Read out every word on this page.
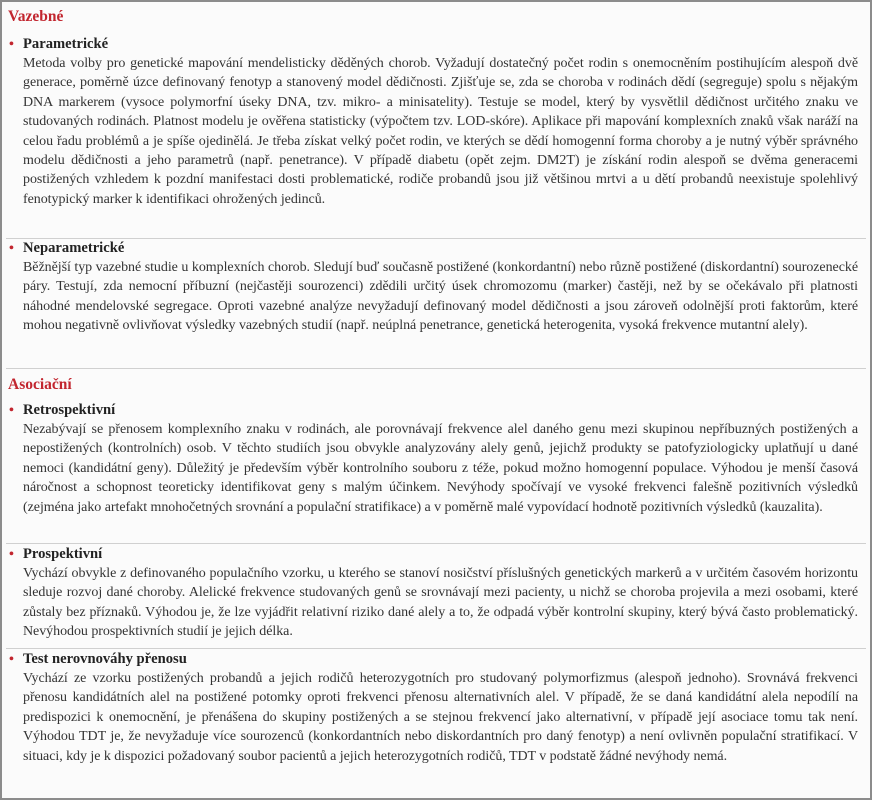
Vazebné
• Parametrické
Metoda volby pro genetické mapování mendelisticky děděných chorob. Vyžadují dostatečný počet rodin s onemocněním postihujícím alespoň dvě generace, poměrně úzce definovaný fenotyp a stanovený model dědičnosti. Zjišťuje se, zda se choroba v rodinách dědí (segreguje) spolu s nějakým DNA markerem (vysoce polymorfní úseky DNA, tzv. mikro- a minisatelity). Testuje se model, který by vysvětlil dědičnost určitého znaku ve studovaných rodinách. Platnost modelu je ověřena statisticky (výpočtem tzv. LOD-skóre). Aplikace při mapování komplexních znaků však naráží na celou řadu problémů a je spíše ojedinělá. Je třeba získat velký počet rodin, ve kterých se dědí homogenní forma choroby a je nutný výběr správného modelu dědičnosti a jeho parametrů (např. penetrance). V případě diabetu (opět zejm. DM2T) je získání rodin alespoň se dvěma generacemi postižených vzhledem k pozdní manifestaci dosti problematické, rodiče probandů jsou již většinou mrtvi a u dětí probandů neexistuje spolehlivý fenotypický marker k identifikaci ohrožených jedinců.
• Neparametrické
Běžnější typ vazebné studie u komplexních chorob. Sledují buď současně postižené (konkordantní) nebo různě postižené (diskordantní) sourozenecké páry. Testují, zda nemocní příbuzní (nejčastěji sourozenci) zdědili určitý úsek chromozomu (marker) častěji, než by se očekávalo při platnosti náhodné mendelovské segregace. Oproti vazebné analýze nevyžadují definovaný model dědičnosti a jsou zároveň odolnější proti faktorům, které mohou negativně ovlivňovat výsledky vazebných studií (např. neúplná penetrance, genetická heterogenita, vysoká frekvence mutantní alely).
Asociační
• Retrospektivní
Nezabývají se přenosem komplexního znaku v rodinách, ale porovnávají frekvence alel daného genu mezi skupinou nepříbuzných postižených a nepostižených (kontrolních) osob. V těchto studiích jsou obvykle analyzovány alely genů, jejichž produkty se patofyziologicky uplatňují u dané nemoci (kandidátní geny). Důležitý je především výběr kontrolního souboru z téže, pokud možno homogenní populace. Výhodou je menší časová náročnost a schopnost teoreticky identifikovat geny s malým účinkem. Nevýhody spočívají ve vysoké frekvenci falešně pozitivních výsledků (zejména jako artefakt mnohočetných srovnání a populační stratifikace) a v poměrně malé vypovídací hodnotě pozitivních výsledků (kauzalita).
• Prospektivní
Vychází obvykle z definovaného populačního vzorku, u kterého se stanoví nosičství příslušných genetických markerů a v určitém časovém horizontu sleduje rozvoj dané choroby. Alelické frekvence studovaných genů se srovnávají mezi pacienty, u nichž se choroba projevila a mezi osobami, které zůstaly bez příznaků. Výhodou je, že lze vyjádřit relativní riziko dané alely a to, že odpadá výběr kontrolní skupiny, který bývá často problematický. Nevýhodou prospektivních studií je jejich délka.
• Test nerovnováhy přenosu
Vychází ze vzorku postižených probandů a jejich rodičů heterozygotních pro studovaný polymorfizmus (alespoň jednoho). Srovnává frekvenci přenosu kandidátních alel na postižené potomky oproti frekvenci přenosu alternativních alel. V případě, že se daná kandidátní alela nepodílí na predispozici k onemocnění, je přenášena do skupiny postižených a se stejnou frekvencí jako alternativní, v případě její asociace tomu tak není. Výhodou TDT je, že nevyžaduje více sourozenců (konkordantních nebo diskordantních pro daný fenotyp) a není ovlivněn populační stratifikací. V situaci, kdy je k dispozici požadovaný soubor pacientů a jejich heterozygotních rodičů, TDT v podstatě žádné nevýhody nemá.
